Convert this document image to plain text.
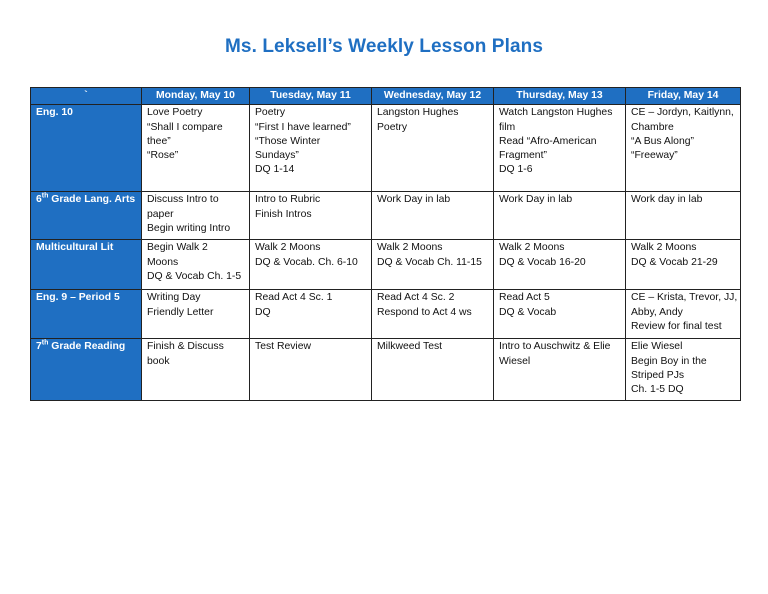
Ms. Leksell’s Weekly Lesson Plans
`	Monday, May 10	Tuesday, May 11	Wednesday, May 12	Thursday, May 13	Friday, May 14
Eng. 10	Love Poetry
“Shall I compare
thee”
“Rose”	Poetry
“First I have learned”
“Those Winter
Sundays”
DQ 1-14	Langston Hughes
Poetry	Watch Langston Hughes
film
Read “Afro-American
Fragment”
DQ 1-6	CE – Jordyn, Kaitlynn,
Chambre
“A Bus Along”
“Freeway”

6th Grade Lang. Arts	Discuss Intro to
paper
Begin writing Intro	Intro to Rubric
Finish Intros	Work Day in lab	Work Day in lab	Work day in lab

Multicultural Lit	Begin Walk 2
Moons
DQ & Vocab Ch. 1-5	Walk 2 Moons
DQ & Vocab. Ch. 6-10	Walk 2 Moons
DQ & Vocab Ch. 11-15	Walk 2 Moons
DQ & Vocab 16-20	Walk 2 Moons
DQ & Vocab 21-29

Eng. 9 – Period 5	Writing Day
Friendly Letter	Read Act 4 Sc. 1
DQ	Read Act 4 Sc. 2
Respond to Act 4 ws	Read Act 5
DQ & Vocab	CE – Krista, Trevor, JJ,
Abby, Andy
Review for final test

7th Grade Reading	Finish & Discuss
book	Test Review	Milkweed Test	Intro to Auschwitz & Elie
Wiesel	Elie Wiesel
Begin Boy in the
Striped PJs
Ch. 1-5 DQ
